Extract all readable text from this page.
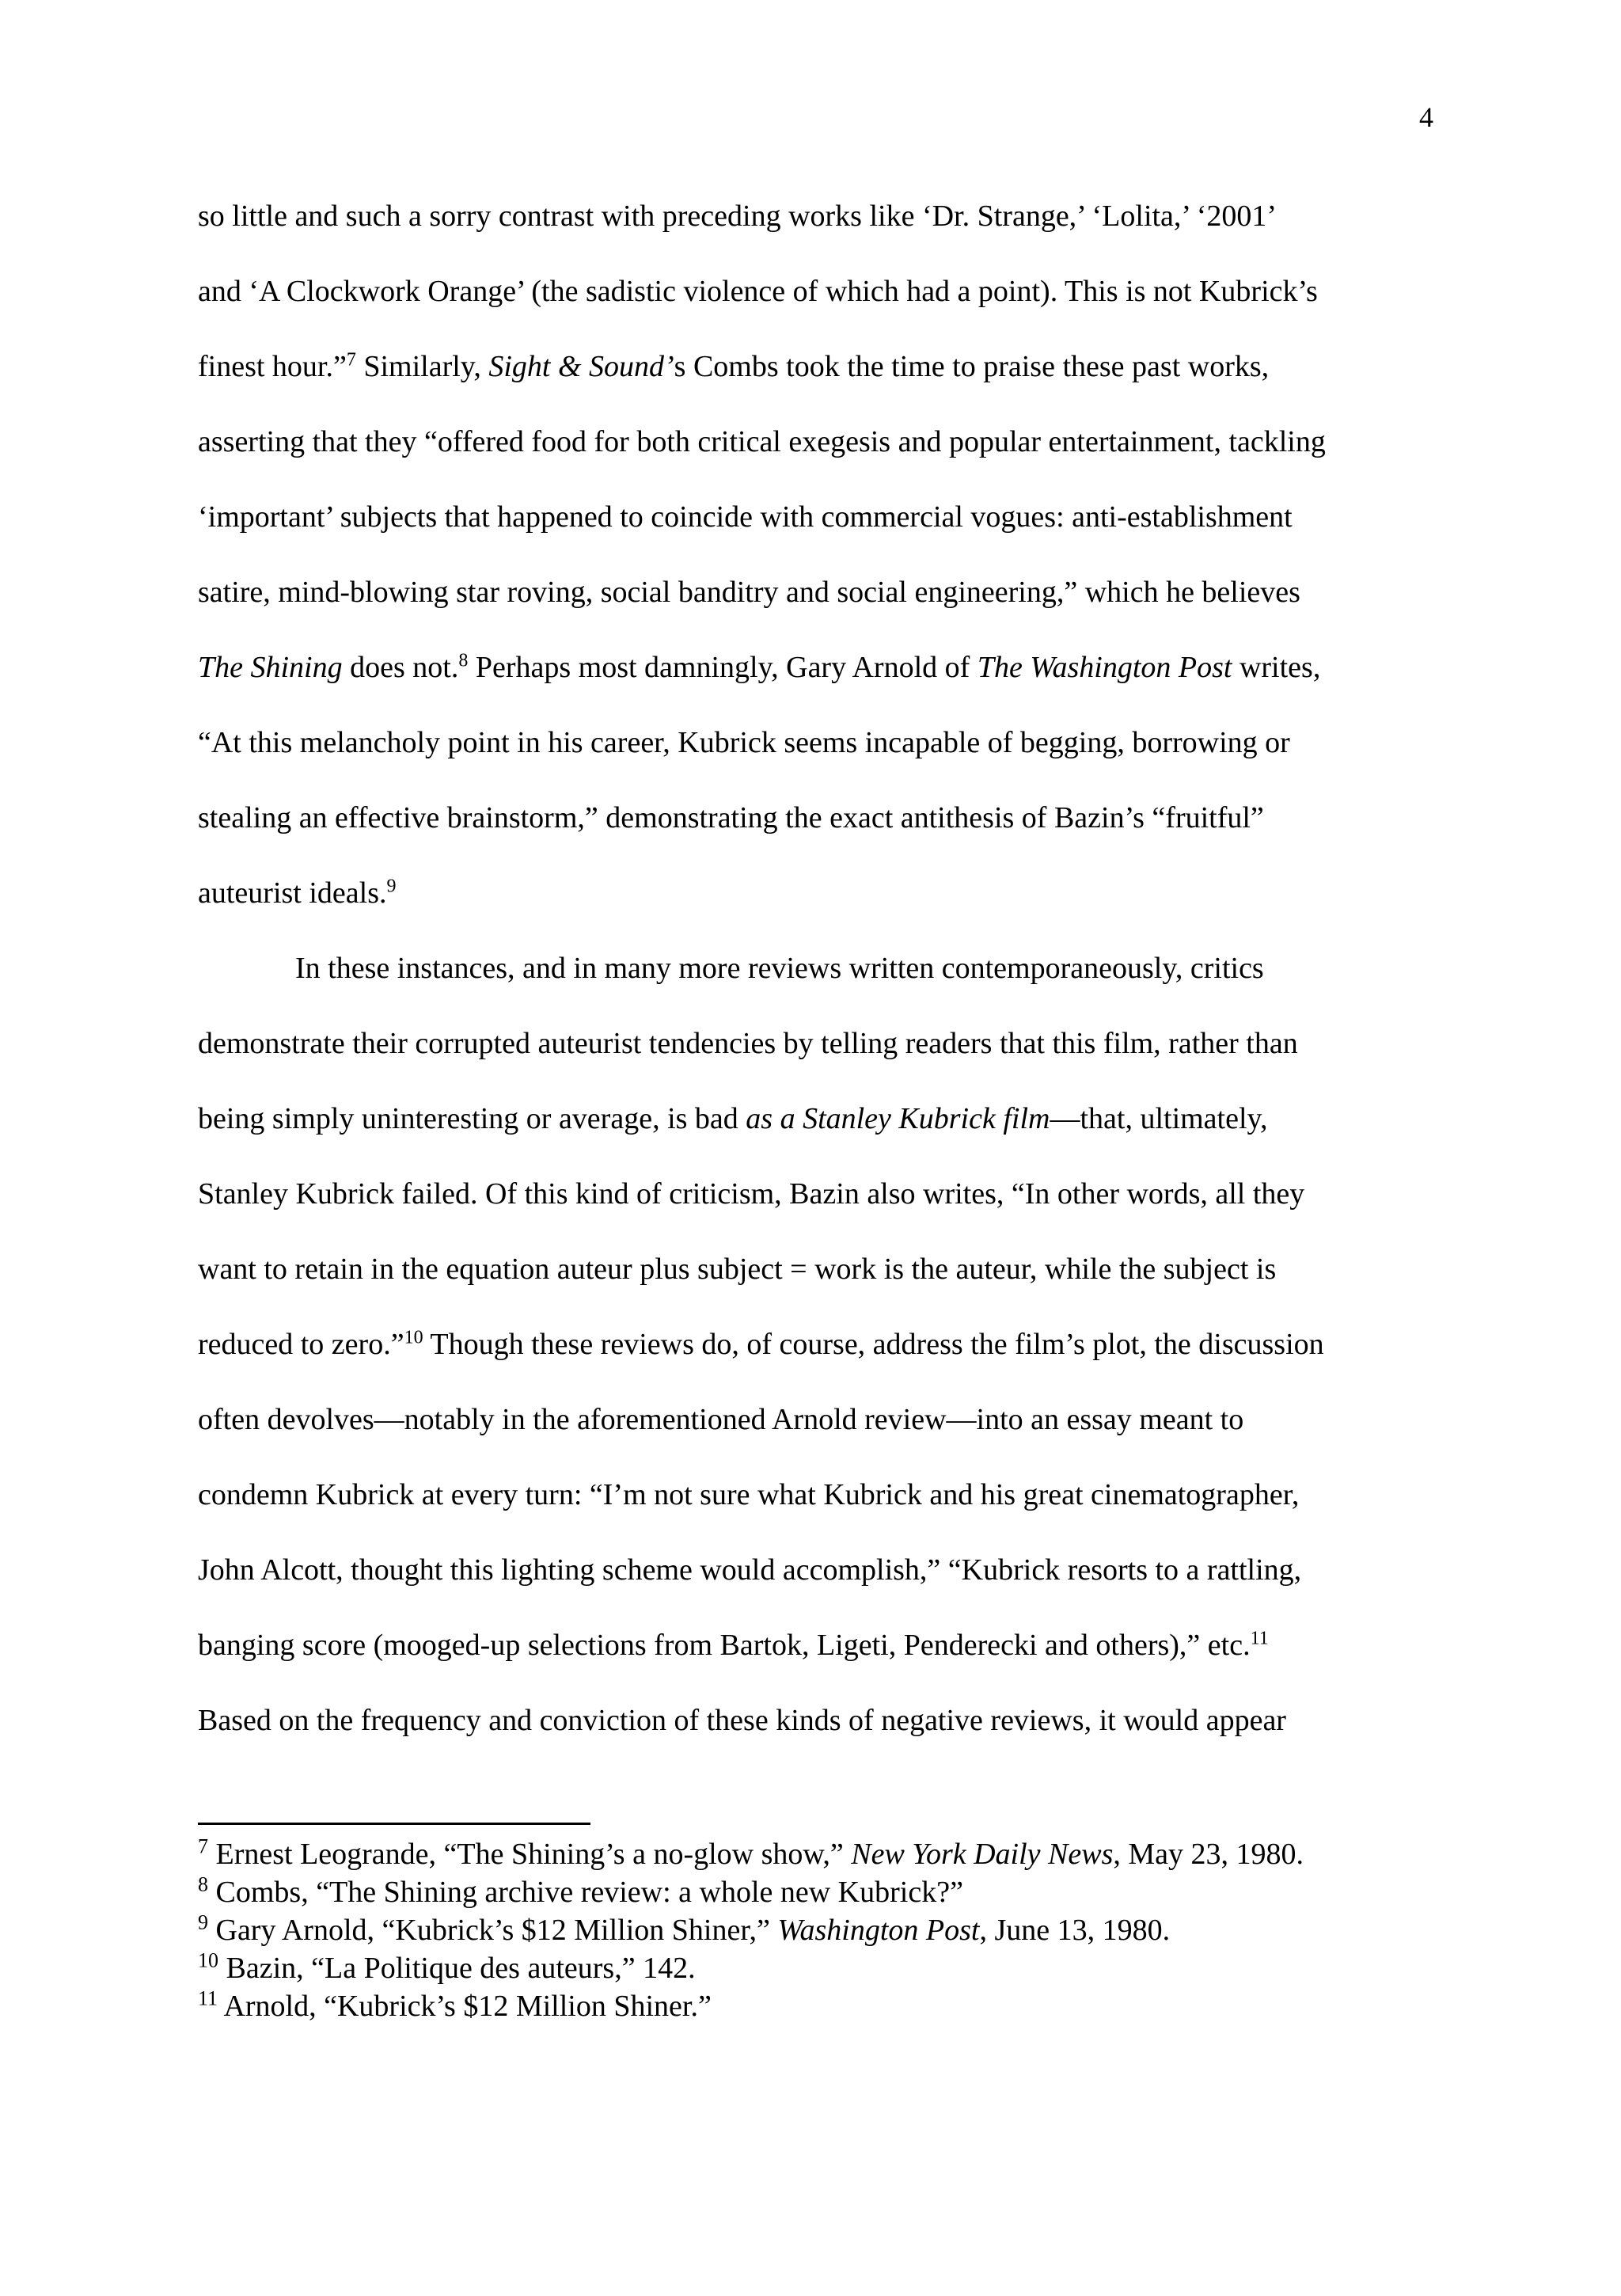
4
so little and such a sorry contrast with preceding works like ‘Dr. Strange,’ ‘Lolita,’ ‘2001’
and ‘A Clockwork Orange’ (the sadistic violence of which had a point). This is not Kubrick’s
finest hour.”$^7$ Similarly, Sight & Sound’s Combs took the time to praise these past works,
asserting that they “offered food for both critical exegesis and popular entertainment, tackling
‘important’ subjects that happened to coincide with commercial vogues: anti-establishment
satire, mind-blowing star roving, social banditry and social engineering,” which he believes
The Shining does not.$^8$ Perhaps most damningly, Gary Arnold of The Washington Post writes,
“At this melancholy point in his career, Kubrick seems incapable of begging, borrowing or
stealing an effective brainstorm,” demonstrating the exact antithesis of Bazin’s “fruitful”
auteurist ideals.$^9$
In these instances, and in many more reviews written contemporaneously, critics
demonstrate their corrupted auteurist tendencies by telling readers that this film, rather than
being simply uninteresting or average, is bad as a Stanley Kubrick film—that, ultimately,
Stanley Kubrick failed. Of this kind of criticism, Bazin also writes, “In other words, all they
want to retain in the equation auteur plus subject = work is the auteur, while the subject is
reduced to zero.”$^{10}$ Though these reviews do, of course, address the film’s plot, the discussion
often devolves—notably in the aforementioned Arnold review—into an essay meant to
condemn Kubrick at every turn: “I’m not sure what Kubrick and his great cinematographer,
John Alcott, thought this lighting scheme would accomplish,” “Kubrick resorts to a rattling,
banging score (mooged-up selections from Bartok, Ligeti, Penderecki and others),” etc.$^{11}$
Based on the frequency and conviction of these kinds of negative reviews, it would appear
$^7$ Ernest Leogrande, “The Shining’s a no-glow show,” New York Daily News, May 23, 1980.
$^8$ Combs, “The Shining archive review: a whole new Kubrick?”
$^9$ Gary Arnold, “Kubrick’s $12 Million Shiner,” Washington Post, June 13, 1980.
$^{10}$ Bazin, “La Politique des auteurs,” 142.
$^{11}$ Arnold, “Kubrick’s $12 Million Shiner.”
